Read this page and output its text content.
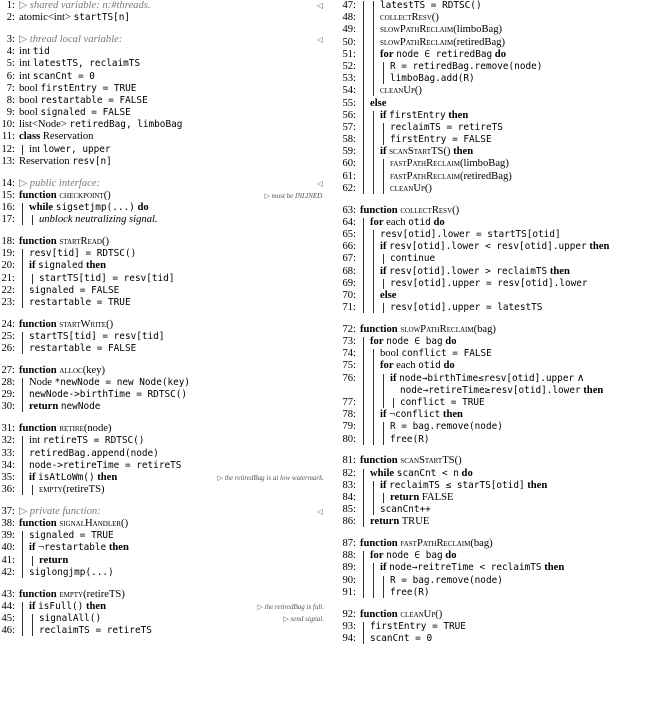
1: ▷ shared variable: n:#threads.	◁
2: atomic<int> startTS[n]
3: ▷ thread local variable:	◁
4: int tid
5: int latestTS, reclaimTS
6: int scanCnt = 0
7: bool firstEntry = TRUE
8: bool restartable = FALSE
9: bool signaled = FALSE
10: list<Node> retiredBag, limboBag
11: class Reservation
12: int lower, upper
13: Reservation resv[n]
14: ▷ public interface:	◁
15: function checkpoint()	▷ must be INLINED.
16: while sigsetjmp(...) do
17: unblock neutralizing signal.
18: function startRead()
19: resv[tid] = RDTSC()
20: if signaled then
21:	startTS[tid] = resv[tid]
22: signaled = FALSE
23: restartable = TRUE
24: function startWrite()
25: startTS[tid] = resv[tid]
26: restartable = FALSE
27: function alloc(key)
28: Node *newNode = new Node(key)
29: newNode->birthTime = RDTSC()
30: return newNode
31: function retire(node)
32: int retireTS = RDTSC()
33: retiredBag.append(node)
34: node->retireTime = retireTS
35: if isAtLoWm() then	▷ the retiredBag is at low watermark.
36: empty(retireTS)
37: ▷ private function:	◁
38: function signalHandler()
39: signaled = TRUE
40: if ¬restartable then
41: return
42: siglongjmp(...)
43: function empty(retireTS)
44: if isFull() then	▷ the retiredBag is full.
45:	signalAll()	▷ send signal.
46:	reclaimTS = retireTS
47:	latestTS = RDTSC()
48: collectResv()
49: slowPathReclaim(limboBag)
50: slowPathReclaim(retiredBag)
51: for node ∈ retiredBag do
52:	R = retiredBag.remove(node)
53:	limboBag.add(R)
54: cleanUp()
55: else
56: if firstEntry then
57:	reclaimTS = retireTS
58:	firstEntry = FALSE
59: if scanStartTS() then
60:	fastPathReclaim(limboBag)
61:	fastPathReclaim(retiredBag)
62:	cleanUp()
63: function collectResv()
64: for each otid do
65:	resv[otid].lower = startTS[otid]
66: if resv[otid].lower < resv[otid].upper then
67:	continue
68: if resv[otid].lower > reclaimTS then
69:	resv[otid].upper = resv[otid].lower
70: else
71:	resv[otid].upper = latestTS
72: function slowPathReclaim(bag)
73: for node ∈ bag do
74: bool conflict = FALSE
75: for each otid do
76:	if node→birthTime≤resv[otid].upper ∧
node→retireTime≥resv[otid].lower then
77:	conflict = TRUE
78: if ¬conflict then
79:	R = bag.remove(node)
80:	free(R)
81: function scanStartTS()
82: while scanCnt < n do
83: if reclaimTS ≤ starTS[otid] then
84:	return FALSE
85:	scanCnt++
86: return TRUE
87: function fastPathReclaim(bag)
88: for node ∈ bag do
89: if node→reitreTime < reclaimTS then
90:	R = bag.remove(node)
91:	free(R)
92: function cleanUp()
93: firstEntry = TRUE
94: scanCnt = 0
